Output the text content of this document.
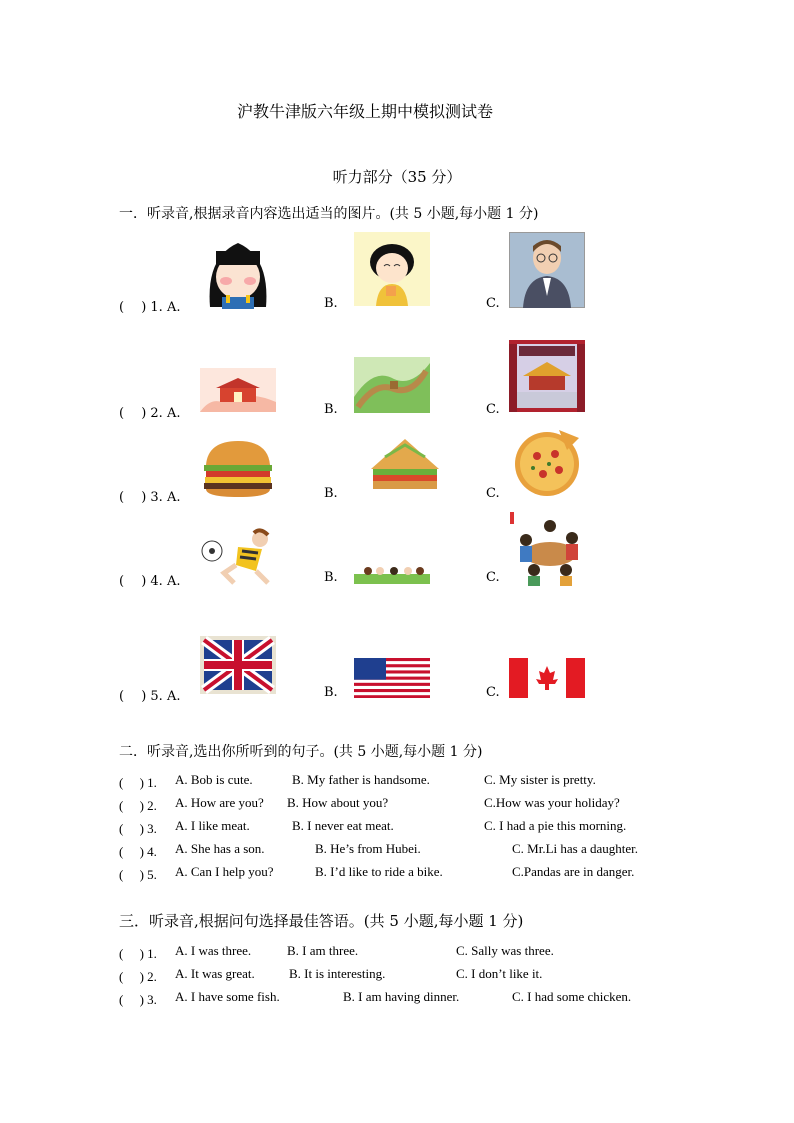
沪教牛津版六年级上期中模拟测试卷
听力部分（35 分）
一．听录音,根据录音内容选出适当的图片。(共 5 小题,每小题 1 分)
(　 ) 1. A.	B.	C.
(　 ) 2. A.	B.	C.
(　 ) 3. A.	B.	C.
(　 ) 4. A.	B.	C.
(　 ) 5. A.	B.	C.
二．听录音,选出你所听到的句子。(共 5 小题,每小题 1 分)
(　 ) 1. A. Bob is cute.	B. My father is handsome.	C. My sister is pretty.
(　 ) 2. A. How are you? B. How about you?	C.How was your holiday?
(　 ) 3. A. I like meat.	B. I never eat meat.	C. I had a pie this morning.
(　 ) 4. A. She has a son.	B. He’s from Hubei.	C. Mr.Li has a daughter.
(　 ) 5. A. Can I help you?	B. I’d like to ride a bike.	C.Pandas are in danger.
三．听录音,根据问句选择最佳答语。(共 5 小题,每小题 1 分)
(　 ) 1. A. I was three.	B. I am three.	C. Sally was three.
(　 ) 2. A. It was great.	B. It is interesting.	C. I don’t like it.
(　 ) 3. A. I have some fish.	B. I am having dinner.	C. I had some chicken.
